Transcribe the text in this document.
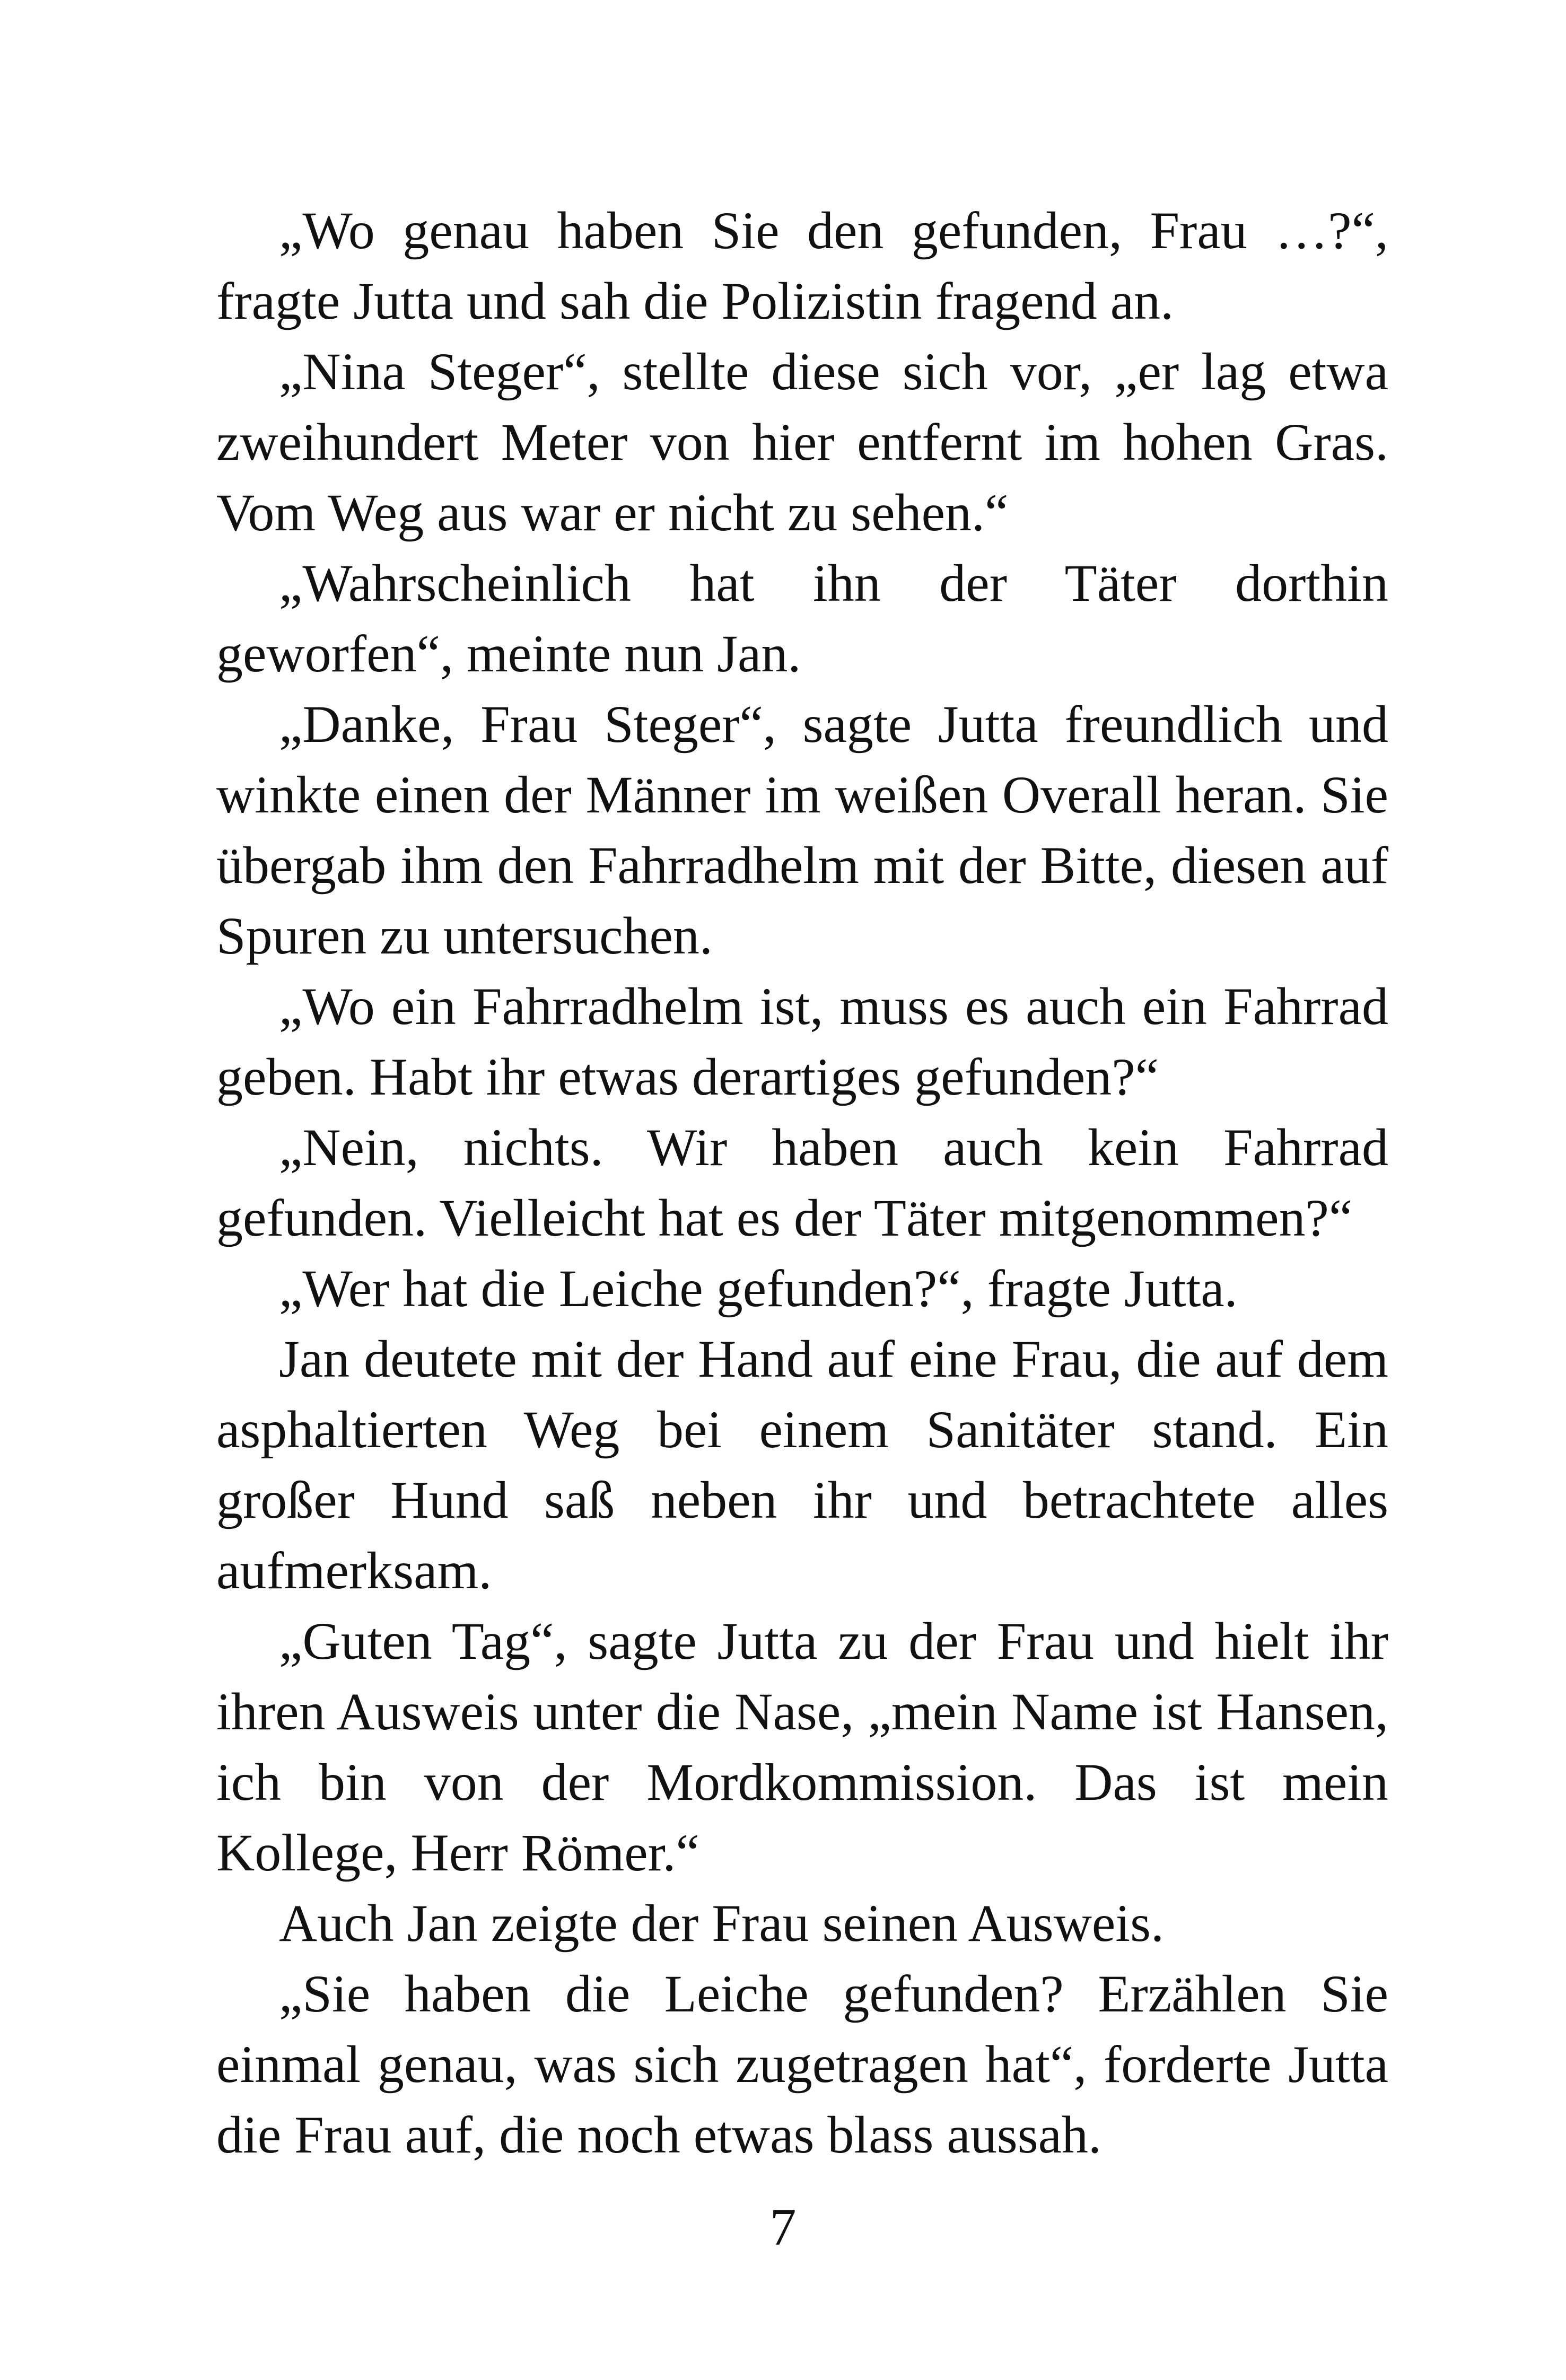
„Wo genau haben Sie den gefunden, Frau …?“, fragte Jutta und sah die Polizistin fragend an.

„Nina Steger“, stellte diese sich vor, „er lag etwa zweihundert Meter von hier entfernt im hohen Gras. Vom Weg aus war er nicht zu sehen.“

„Wahrscheinlich hat ihn der Täter dorthin geworfen“, meinte nun Jan.

„Danke, Frau Steger“, sagte Jutta freundlich und winkte einen der Männer im weißen Overall heran. Sie übergab ihm den Fahrradhelm mit der Bitte, diesen auf Spuren zu untersuchen.

„Wo ein Fahrradhelm ist, muss es auch ein Fahrrad geben. Habt ihr etwas derartiges gefunden?“

„Nein, nichts. Wir haben auch kein Fahrrad gefunden. Vielleicht hat es der Täter mitgenommen?“

„Wer hat die Leiche gefunden?“, fragte Jutta.

Jan deutete mit der Hand auf eine Frau, die auf dem asphaltierten Weg bei einem Sanitäter stand. Ein großer Hund saß neben ihr und betrachtete alles aufmerksam.

„Guten Tag“, sagte Jutta zu der Frau und hielt ihr ihren Ausweis unter die Nase, „mein Name ist Hansen, ich bin von der Mordkommission. Das ist mein Kollege, Herr Römer.“

Auch Jan zeigte der Frau seinen Ausweis.

„Sie haben die Leiche gefunden? Erzählen Sie einmal genau, was sich zugetragen hat“, forderte Jutta die Frau auf, die noch etwas blass aussah.

7
